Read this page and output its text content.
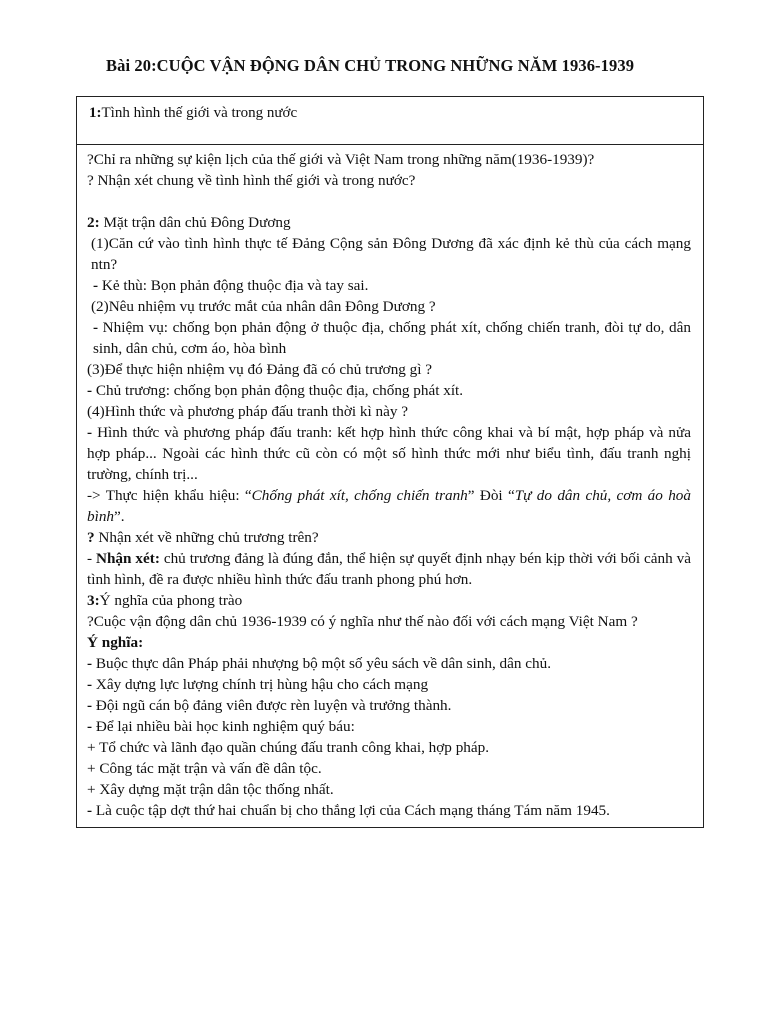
Bài 20:CUỘC VẬN ĐỘNG DÂN CHỦ TRONG NHỮNG NĂM 1936-1939
1:Tình hình thế giới và trong nước

?Chỉ ra những sự kiện lịch của thế giới và Việt Nam trong những năm(1936-1939)?

? Nhận xét chung về tình hình thế giới và trong nước?

2: Mặt trận dân chủ Đông Dương

(1)Căn cứ vào tình hình thực tế Đảng Cộng sản Đông Dương đã xác định kẻ thù của cách mạng ntn?

- Kẻ thù: Bọn phản động thuộc địa và tay sai.

(2)Nêu nhiệm vụ trước mắt của nhân dân Đông Dương ?

- Nhiệm vụ: chống bọn phản động ở thuộc địa, chống phát xít, chống chiến tranh, đòi tự do, dân sinh, dân chủ, cơm áo, hòa bình

(3)Để thực hiện nhiệm vụ đó Đảng đã có chủ trương gì ?

- Chủ trương: chống bọn phản động thuộc địa, chống phát xít.

(4)Hình thức và phương pháp đấu tranh thời kì này ?

- Hình thức và phương pháp đấu tranh: kết hợp hình thức công khai và bí mật, hợp pháp và nửa hợp pháp... Ngoài các hình thức cũ còn có một số hình thức mới như biểu tình, đấu tranh nghị trường, chính trị...

-> Thực hiện khẩu hiệu: “Chống phát xít, chống chiến tranh” Đòi “Tự do dân chủ, cơm áo hoà bình”.

? Nhận xét về những chủ trương trên?

- Nhận xét: chủ trương đảng là đúng đắn, thể hiện sự quyết định nhạy bén kịp thời với bối cảnh và tình hình, đề ra được nhiều hình thức đấu tranh phong phú hơn.

3:Ý nghĩa của phong trào

?Cuộc vận động dân chủ 1936-1939 có ý nghĩa như thế nào đối với cách mạng Việt Nam ?

Ý nghĩa:

- Buộc thực dân Pháp phải nhượng bộ một số yêu sách về dân sinh, dân chủ.

- Xây dựng lực lượng chính trị hùng hậu cho cách mạng

- Đội ngũ cán bộ đảng viên được rèn luyện và trưởng thành.

- Để lại nhiều bài học kinh nghiệm quý báu:

+ Tổ chức và lãnh đạo quần chúng đấu tranh công khai, hợp pháp.

+ Công tác mặt trận và vấn đề dân tộc.

+ Xây dựng mặt trận dân tộc thống nhất.

- Là cuộc tập dợt thứ hai chuẩn bị cho thắng lợi của Cách mạng tháng Tám năm 1945.
